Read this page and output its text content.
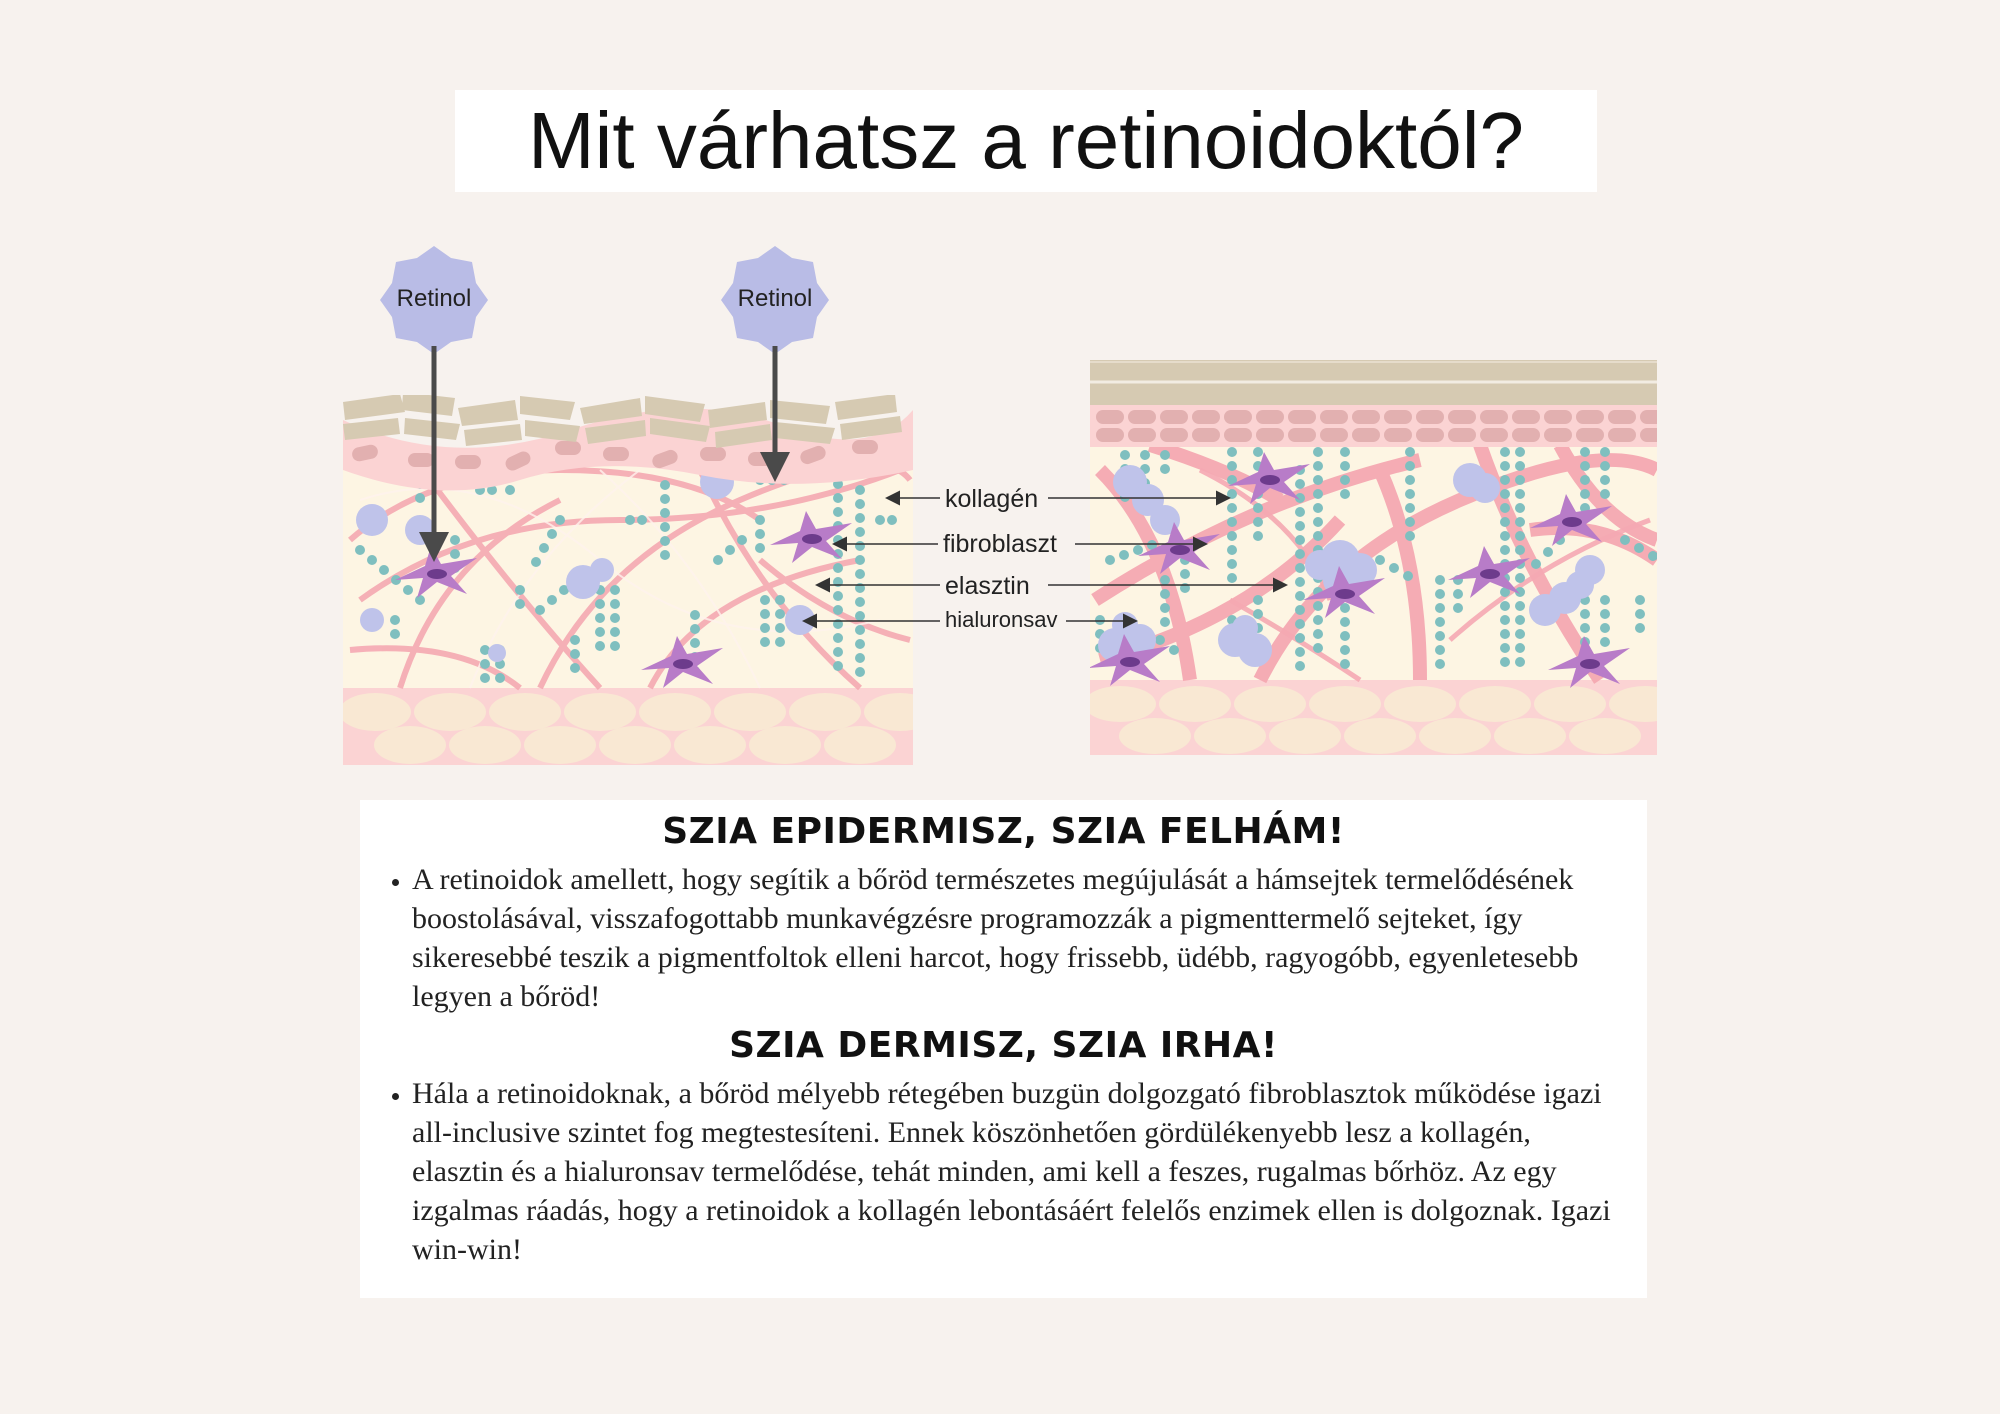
Mit várhatsz a retinoidoktól?
Retinol	Retinol
kollagén
fibroblaszt
elasztin
hialuronsav
SZIA EPIDERMISZ, SZIA FELHÁM!
• A retinoidok amellett, hogy segítik a bőröd természetes megújulását a hámsejtek termelődésének boostolásával, visszafogottabb munkavégzésre programozzák a pigmenttermelő sejteket, így sikeresebbé teszik a pigmentfoltok elleni harcot, hogy frissebb, üdébb, ragyogóbb, egyenletesebb legyen a bőröd!
SZIA DERMISZ, SZIA IRHA!
• Hála a retinoidoknak, a bőröd mélyebb rétegében buzgün dolgozgató fibroblasztok működése igazi all-inclusive szintet fog megtestesíteni. Ennek köszönhetően gördülékenyebb lesz a kollagén, elasztin és a hialuronsav termelődése, tehát minden, ami kell a feszes, rugalmas bőrhöz. Az egy izgalmas ráadás, hogy a retinoidok a kollagén lebontásáért felelős enzimek ellen is dolgoznak. Igazi win-win!
